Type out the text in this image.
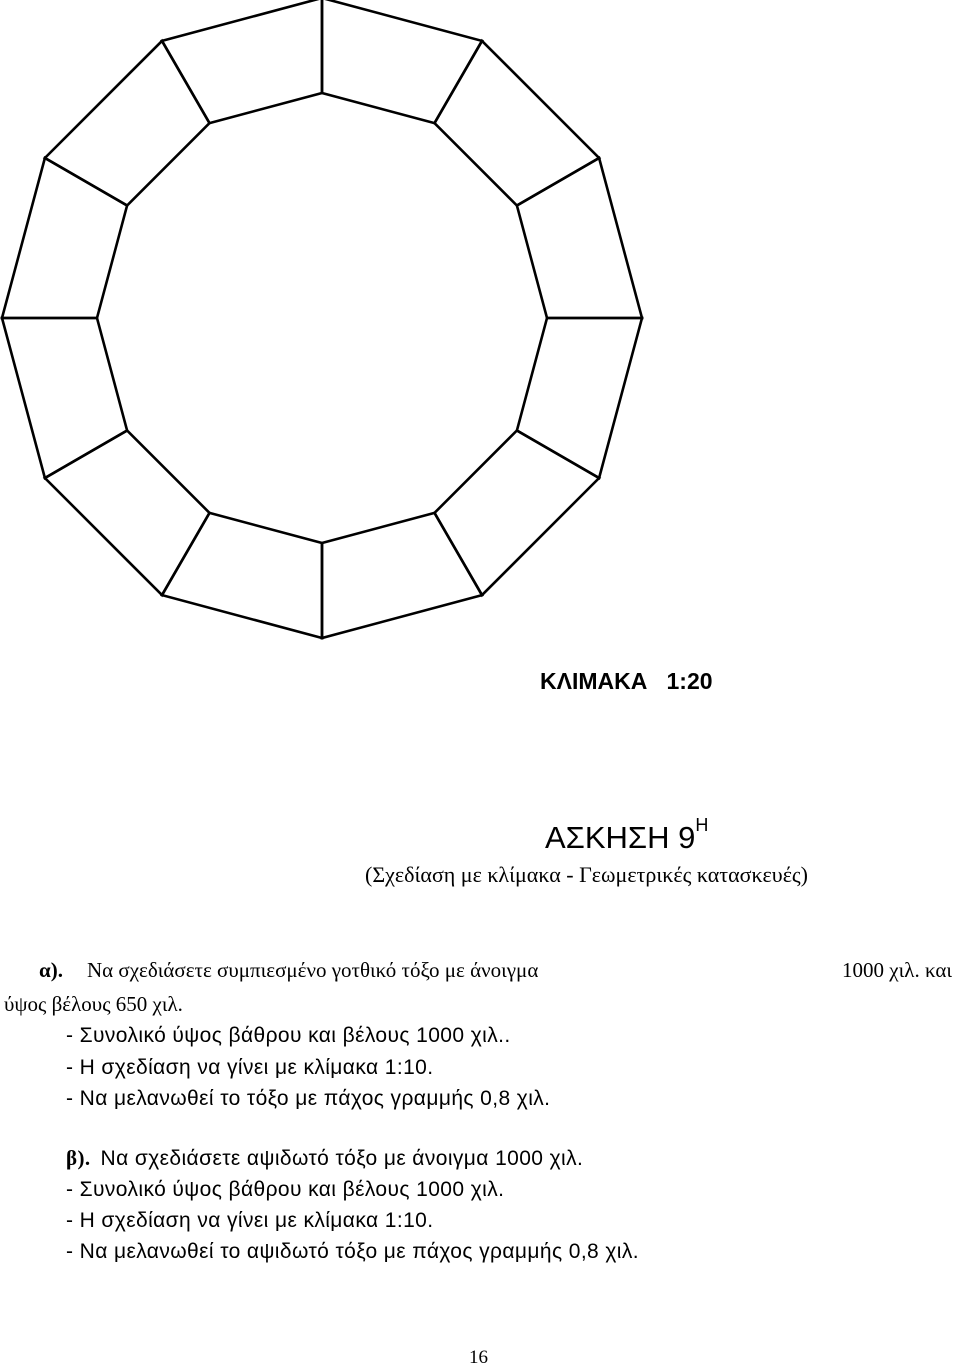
ΚΛΙΜΑΚΑ   1:20
ΑΣΚΗΣΗ $9^H$
(Σχεδίαση με κλίμακα - Γεωμετρικές κατασκευές)
α). Να σχεδιάσετε συμπιεσμένο γοτθικό τόξο με άνοιγμα	1000 χιλ. και
ύψος βέλους 650 χιλ.
- Συνολικό ύψος βάθρου και βέλους 1000 χιλ..
- Η σχεδίαση να γίνει με κλίμακα 1:10.
- Να μελανωθεί το τόξο με πάχος γραμμής 0,8 χιλ.
β). Να σχεδιάσετε αψιδωτό τόξο με άνοιγμα 1000 χιλ.
- Συνολικό ύψος βάθρου και βέλους 1000 χιλ.
- Η σχεδίαση να γίνει με κλίμακα 1:10.
- Να μελανωθεί το αψιδωτό τόξο με πάχος γραμμής 0,8 χιλ.
16
